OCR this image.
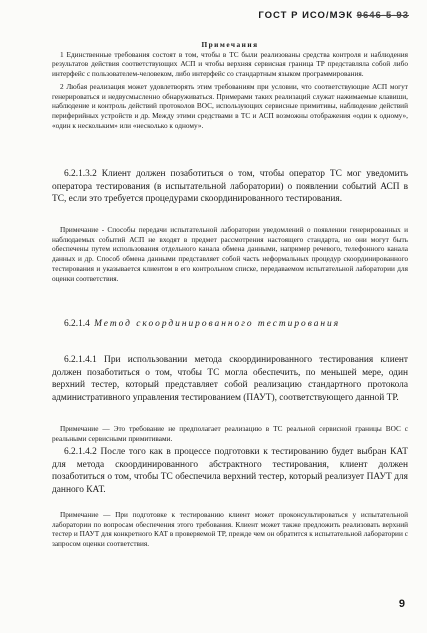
ГОСТ Р ИСО/МЭК 9646-5-93

Примечания

1 Единственные требования состоят в том, чтобы в ТС были реализованы средства контроля и наблюдения результатов действия соответствующих АСП и чтобы верхняя сервисная граница ТР представляла собой либо интерфейс с пользователем-человеком, либо интерфейс со стандартным языком программирования.

2 Любая реализация может удовлетворять этим требованиям при условии, что соответствующие АСП могут генерироваться и недвусмысленно обнаруживаться. Примерами таких реализаций служат нажимаемые клавиши, наблюдение и контроль действий протоколов ВОС, использующих сервисные примитивы, наблюдение действий периферийных устройств и др. Между этими средствами в ТС и АСП возможны отображения «один к одному», «один к нескольким» или «несколько к одному».

6.2.1.3.2 Клиент должен позаботиться о том, чтобы оператор ТС мог уведомить оператора тестирования (в испытательной лаборатории) о появлении событий АСП в ТС, если это требуется процедурами скоординированного тестирования.

Примечание - Способы передачи испытательной лаборатории уведомлений о появлении генерированных и наблюдаемых событий АСП не входят в предмет рассмотрения настоящего стандарта, но они могут быть обеспечены путем использования отдельного канала обмена данными, например речевого, телефонного канала данных и др. Способ обмена данными представляет собой часть неформальных процедур скоординированного тестирования и указывается клиентом в его контрольном списке, передаваемом испытательной лаборатории для оценки соответствия.

6.2.1.4 Метод скоординированного тестирования

6.2.1.4.1 При использовании метода скоординированного тестирования клиент должен позаботиться о том, чтобы ТС могла обеспечить, по меньшей мере, один верхний тестер, который представляет собой реализацию стандартного протокола административного управления тестированием (ПАУТ), соответствующего данной ТР.

Примечание — Это требование не предполагает реализацию в ТС реальной сервисной границы ВОС с реальными сервисными примитивами.

6.2.1.4.2 После того как в процессе подготовки к тестированию будет выбран КАТ для метода скоординированного абстрактного тестирования, клиент должен позаботиться о том, чтобы ТС обеспечила верхний тестер, который реализует ПАУТ для данного КАТ.

Примечание — При подготовке к тестированию клиент может проконсультироваться у испытательной лаборатории по вопросам обеспечения этого требования. Клиент может также предложить реализовать верхний тестер и ПАУТ для конкретного КАТ в проверяемой ТР, прежде чем он обратится к испытательной лаборатории с запросом оценки соответствия.

9
